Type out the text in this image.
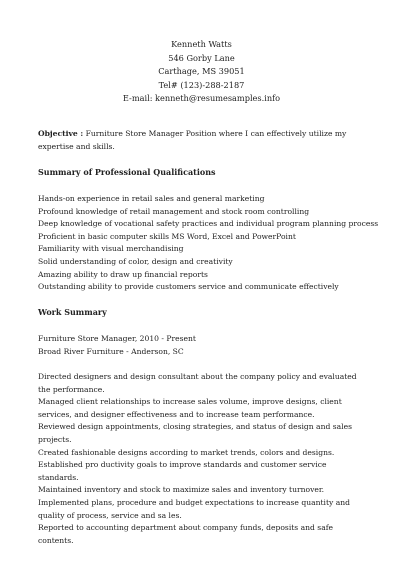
Kenneth Watts
546 Gorby Lane
Carthage, MS 39051
Tel# (123)-288-2187
E-mail: kenneth@resumesamples.info
Objective : Furniture Store Manager Position where I can effectively utilize my expertise and skills.
Summary of Professional Qualifications
Hands-on experience in retail sales and general marketing
Profound knowledge of retail management and stock room controlling
Deep knowledge of vocational safety practices and individual program planning process
Proficient in basic computer skills MS Word, Excel and PowerPoint
Familiarity with visual merchandising
Solid understanding of color, design and creativity
Amazing ability to draw up financial reports
Outstanding ability to provide customers service and communicate effectively
Work Summary
Furniture Store Manager, 2010 - Present
Broad River Furniture - Anderson, SC
Directed designers and design consultant about the company policy and evaluated the performance.
Managed client relationships to increase sales volume, improve designs, client services, and designer effectiveness and to increase team performance.
Reviewed design appointments, closing strategies, and status of design and sales projects.
Created fashionable designs according to market trends, colors and designs.
Established pro ductivity goals to improve standards and customer service standards.
Maintained inventory and stock to maximize sales and inventory turnover.
Implemented plans, procedure and budget expectations to increase quantity and quality of process, service and sa les.
Reported to accounting department about company funds, deposits and safe contents.
